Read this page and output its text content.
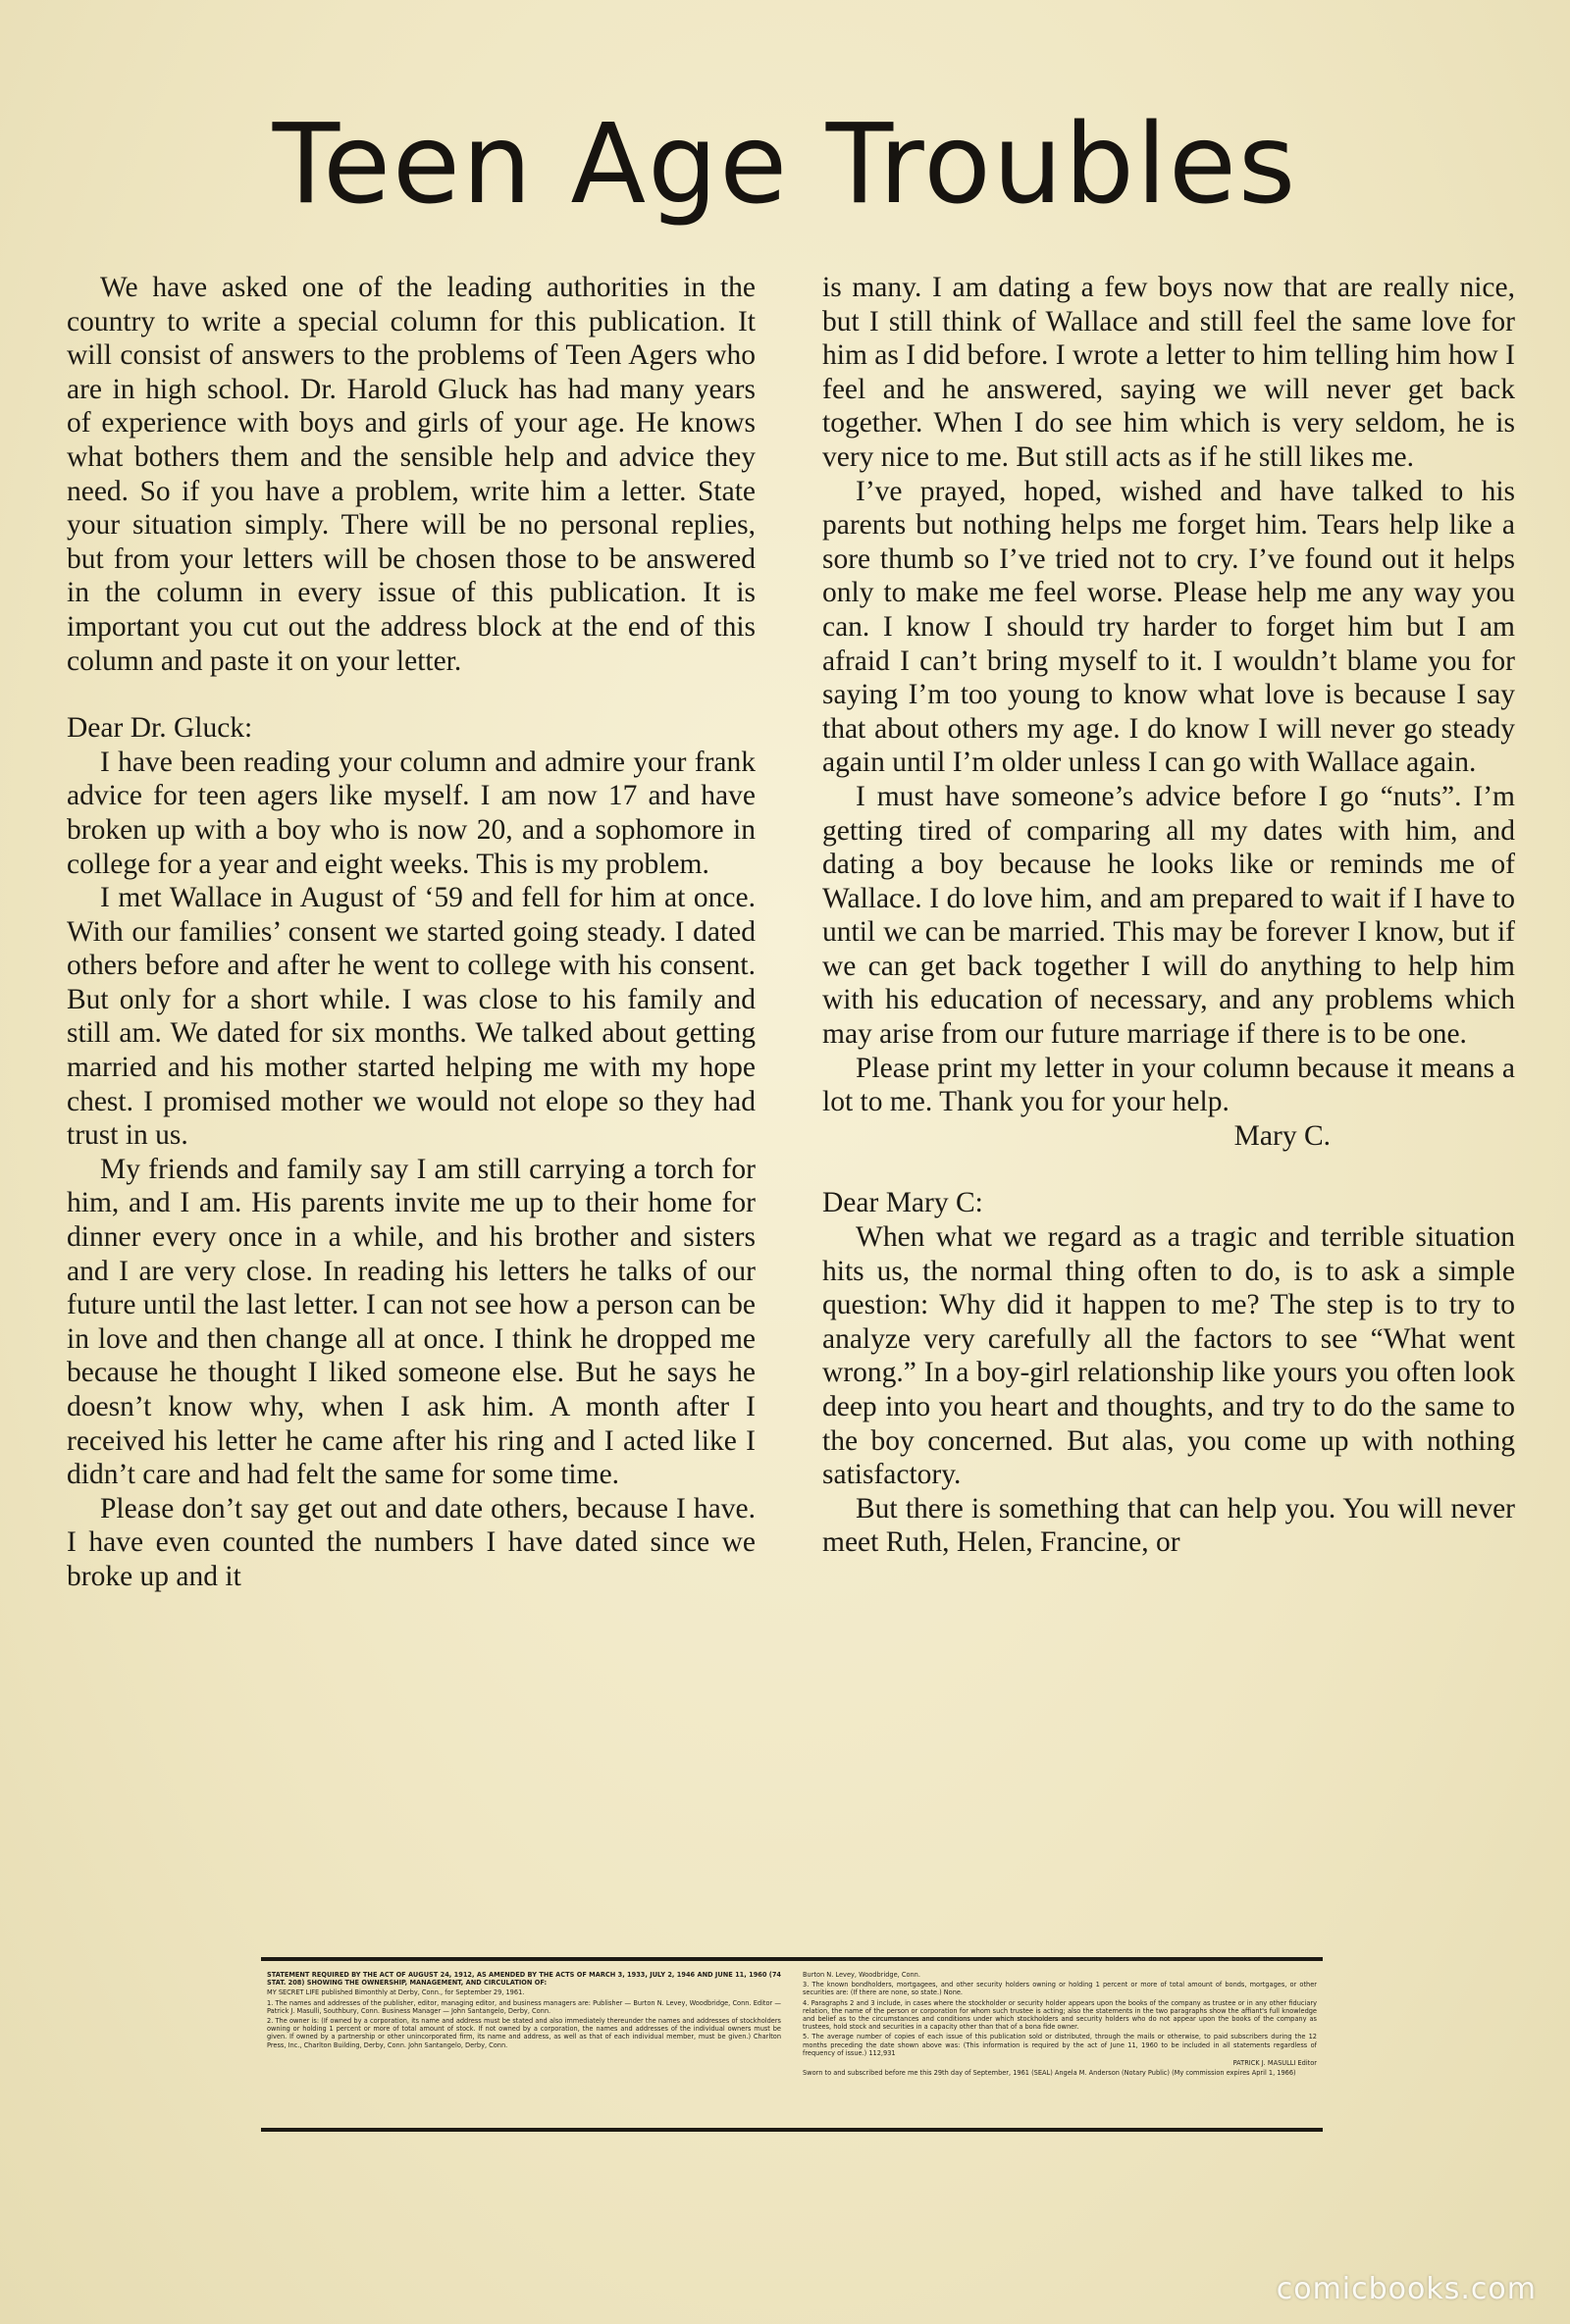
Teen Age Troubles

We have asked one of the leading authorities in the country to write a special column for this publication. It will consist of answers to the problems of Teen Agers who are in high school. Dr. Harold Gluck has had many years of experience with boys and girls of your age. He knows what bothers them and the sensible help and advice they need. So if you have a problem, write him a letter. State your situation simply. There will be no personal replies, but from your letters will be chosen those to be answered in the column in every issue of this publication. It is important you cut out the address block at the end of this column and paste it on your letter.

Dear Dr. Gluck:

I have been reading your column and admire your frank advice for teen agers like myself. I am now 17 and have broken up with a boy who is now 20, and a sophomore in college for a year and eight weeks. This is my problem.

I met Wallace in August of ‘59 and fell for him at once. With our families’ consent we started going steady. I dated others before and after he went to college with his consent. But only for a short while. I was close to his family and still am. We dated for six months. We talked about getting married and his mother started helping me with my hope chest. I promised mother we would not elope so they had trust in us.

My friends and family say I am still carrying a torch for him, and I am. His parents invite me up to their home for dinner every once in a while, and his brother and sisters and I are very close. In reading his letters he talks of our future until the last letter. I can not see how a person can be in love and then change all at once. I think he dropped me because he thought I liked someone else. But he says he doesn’t know why, when I ask him. A month after I received his letter he came after his ring and I acted like I didn’t care and had felt the same for some time.

Please don’t say get out and date others, because I have. I have even counted the numbers I have dated since we broke up and it

is many. I am dating a few boys now that are really nice, but I still think of Wallace and still feel the same love for him as I did before. I wrote a letter to him telling him how I feel and he answered, saying we will never get back together. When I do see him which is very seldom, he is very nice to me. But still acts as if he still likes me.

I’ve prayed, hoped, wished and have talked to his parents but nothing helps me forget him. Tears help like a sore thumb so I’ve tried not to cry. I’ve found out it helps only to make me feel worse. Please help me any way you can. I know I should try harder to forget him but I am afraid I can’t bring myself to it. I wouldn’t blame you for saying I’m too young to know what love is because I say that about others my age. I do know I will never go steady again until I’m older unless I can go with Wallace again.

I must have someone’s advice before I go “nuts”. I’m getting tired of comparing all my dates with him, and dating a boy because he looks like or reminds me of Wallace. I do love him, and am prepared to wait if I have to until we can be married. This may be forever I know, but if we can get back together I will do anything to help him with his education of necessary, and any problems which may arise from our future marriage if there is to be one.

Please print my letter in your column because it means a lot to me. Thank you for your help.

Mary C.

Dear Mary C:

When what we regard as a tragic and terrible situation hits us, the normal thing often to do, is to ask a simple question: Why did it happen to me? The step is to try to analyze very carefully all the factors to see “What went wrong.” In a boy-girl relationship like yours you often look deep into you heart and thoughts, and try to do the same to the boy concerned. But alas, you come up with nothing satisfactory.

But there is something that can help you. You will never meet Ruth, Helen, Francine, or

STATEMENT REQUIRED BY THE ACT OF AUGUST 24, 1912, AS AMENDED BY THE ACTS OF MARCH 3, 1933, JULY 2, 1946 AND JUNE 11, 1960 (74 STAT. 208) SHOWING THE OWNERSHIP, MANAGEMENT, AND CIRCULATION OF:

MY SECRET LIFE published Bimonthly at Derby, Conn., for September 29, 1961.

1. The names and addresses of the publisher, editor, managing editor, and business managers are: Publisher — Burton N. Levey, Woodbridge, Conn. Editor — Patrick J. Masulli, Southbury, Conn. Business Manager — John Santangelo, Derby, Conn.

2. The owner is: (If owned by a corporation, its name and address must be stated and also immediately thereunder the names and addresses of stockholders owning or holding 1 percent or more of total amount of stock. If not owned by a corporation, the names and addresses of the individual owners must be given. If owned by a partnership or other unincorporated firm, its name and address, as well as that of each individual member, must be given.) Charlton Press, Inc., Charlton Building, Derby, Conn. John Santangelo, Derby, Conn.

Burton N. Levey, Woodbridge, Conn.

3. The known bondholders, mortgagees, and other security holders owning or holding 1 percent or more of total amount of bonds, mortgages, or other securities are: (If there are none, so state.) None.

4. Paragraphs 2 and 3 include, in cases where the stockholder or security holder appears upon the books of the company as trustee or in any other fiduciary relation, the name of the person or corporation for whom such trustee is acting; also the statements in the two paragraphs show the affiant's full knowledge and belief as to the circumstances and conditions under which stockholders and security holders who do not appear upon the books of the company as trustees, hold stock and securities in a capacity other than that of a bona fide owner.

5. The average number of copies of each issue of this publication sold or distributed, through the mails or otherwise, to paid subscribers during the 12 months preceding the date shown above was: (This information is required by the act of June 11, 1960 to be included in all statements regardless of frequency of issue.) 112,931

PATRICK J. MASULLI Editor

Sworn to and subscribed before me this 29th day of September, 1961 (SEAL) Angela M. Anderson (Notary Public) (My commission expires April 1, 1966)

comicbooks.com
